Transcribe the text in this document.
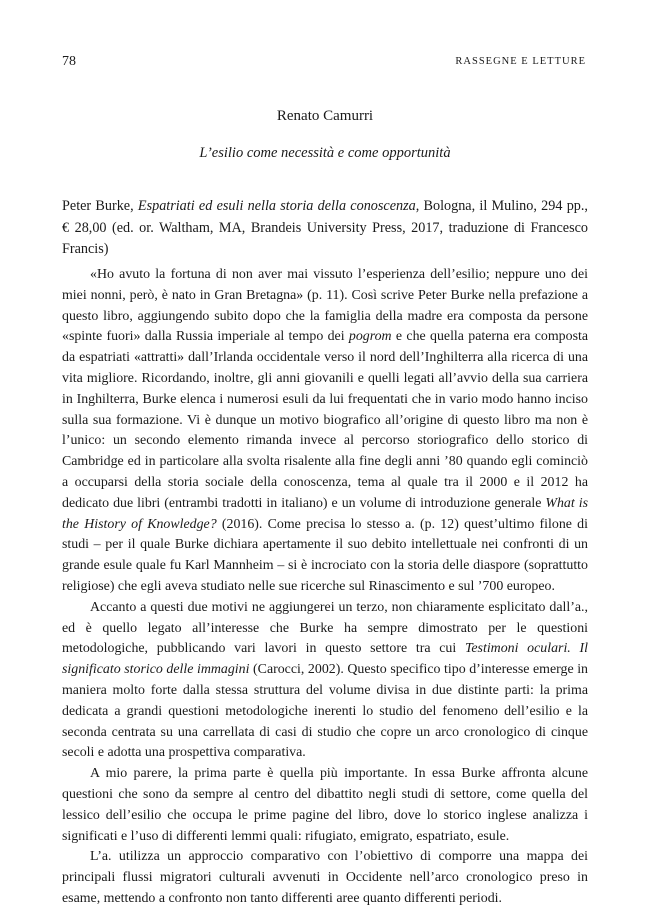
78	RASSEGNE E LETTURE
Renato Camurri
L’esilio come necessità e come opportunità
Peter Burke, Espatriati ed esuli nella storia della conoscenza, Bologna, il Mulino, 294 pp., € 28,00 (ed. or. Waltham, MA, Brandeis University Press, 2017, traduzione di Francesco Francis)

«Ho avuto la fortuna di non aver mai vissuto l’esperienza dell’esilio; neppure uno dei miei nonni, però, è nato in Gran Bretagna» (p. 11). Così scrive Peter Burke nella prefazione a questo libro, aggiungendo subito dopo che la famiglia della madre era composta da persone «spinte fuori» dalla Russia imperiale al tempo dei pogrom e che quella paterna era composta da espatriati «attratti» dall’Irlanda occidentale verso il nord dell’Inghilterra alla ricerca di una vita migliore. Ricordando, inoltre, gli anni giovanili e quelli legati all’avvio della sua carriera in Inghilterra, Burke elenca i numerosi esuli da lui frequentati che in vario modo hanno inciso sulla sua formazione. Vi è dunque un motivo biografico all’origine di questo libro ma non è l’unico: un secondo elemento rimanda invece al percorso storiografico dello storico di Cambridge ed in particolare alla svolta risalente alla fine degli anni ’80 quando egli cominciò a occuparsi della storia sociale della conoscenza, tema al quale tra il 2000 e il 2012 ha dedicato due libri (entrambi tradotti in italiano) e un volume di introduzione generale What is the History of Knowledge? (2016). Come precisa lo stesso a. (p. 12) quest’ultimo filone di studi – per il quale Burke dichiara apertamente il suo debito intellettuale nei confronti di un grande esule quale fu Karl Mannheim – si è incrociato con la storia delle diaspore (soprattutto religiose) che egli aveva studiato nelle sue ricerche sul Rinascimento e sul ’700 europeo.

Accanto a questi due motivi ne aggiungerei un terzo, non chiaramente esplicitato dall’a., ed è quello legato all’interesse che Burke ha sempre dimostrato per le questioni metodologiche, pubblicando vari lavori in questo settore tra cui Testimoni oculari. Il significato storico delle immagini (Carocci, 2002). Questo specifico tipo d’interesse emerge in maniera molto forte dalla stessa struttura del volume divisa in due distinte parti: la prima dedicata a grandi questioni metodologiche inerenti lo studio del fenomeno dell’esilio e la seconda centrata su una carrellata di casi di studio che copre un arco cronologico di cinque secoli e adotta una prospettiva comparativa.

A mio parere, la prima parte è quella più importante. In essa Burke affronta alcune questioni che sono da sempre al centro del dibattito negli studi di settore, come quella del lessico dell’esilio che occupa le prime pagine del libro, dove lo storico inglese analizza i significati e l’uso di differenti lemmi quali: rifugiato, emigrato, espatriato, esule.

L’a. utilizza un approccio comparativo con l’obiettivo di comporre una mappa dei principali flussi migratori culturali avvenuti in Occidente nell’arco cronologico preso in esame, mettendo a confronto non tanto differenti aree quanto differenti periodi.
